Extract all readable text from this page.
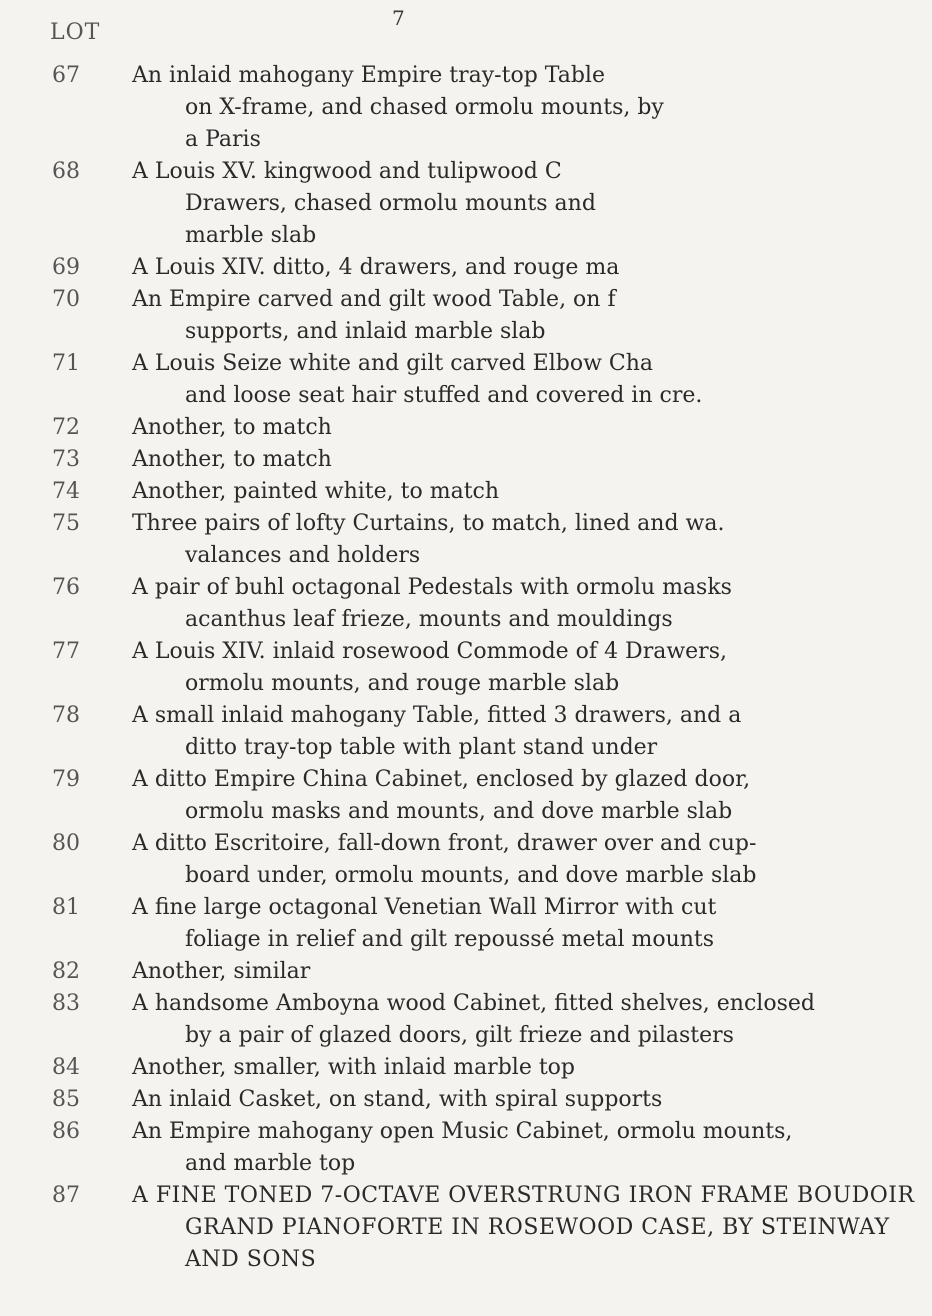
7
LOT
67	An inlaid mahogany Empire tray-top Table
on X-frame, and chased ormolu mounts, by
a Paris
68	A Louis XV. kingwood and tulipwood C
Drawers, chased ormolu mounts and
marble slab
69	A Louis XIV. ditto, 4 drawers, and rouge ma
70	An Empire carved and gilt wood Table, on f
supports, and inlaid marble slab
71	A Louis Seize white and gilt carved Elbow Cha
and loose seat hair stuffed and covered in cre.
72	Another, to match
73	Another, to match
74	Another, painted white, to match
75	Three pairs of lofty Curtains, to match, lined and wa.
valances and holders
76	A pair of buhl octagonal Pedestals with ormolu masks
acanthus leaf frieze, mounts and mouldings
77	A Louis XIV. inlaid rosewood Commode of 4 Drawers,
ormolu mounts, and rouge marble slab
78	A small inlaid mahogany Table, fitted 3 drawers, and a
ditto tray-top table with plant stand under
79	A ditto Empire China Cabinet, enclosed by glazed door,
ormolu masks and mounts, and dove marble slab
80	A ditto Escritoire, fall-down front, drawer over and cup-
board under, ormolu mounts, and dove marble slab
81	A fine large octagonal Venetian Wall Mirror with cut
foliage in relief and gilt repoussé metal mounts
82	Another, similar
83	A handsome Amboyna wood Cabinet, fitted shelves, enclosed
by a pair of glazed doors, gilt frieze and pilasters
84	Another, smaller, with inlaid marble top
85	An inlaid Casket, on stand, with spiral supports
86	An Empire mahogany open Music Cabinet, ormolu mounts,
and marble top
87	A FINE TONED 7-OCTAVE OVERSTRUNG IRON FRAME BOUDOIR
GRAND PIANOFORTE IN ROSEWOOD CASE, BY STEINWAY
AND SONS
